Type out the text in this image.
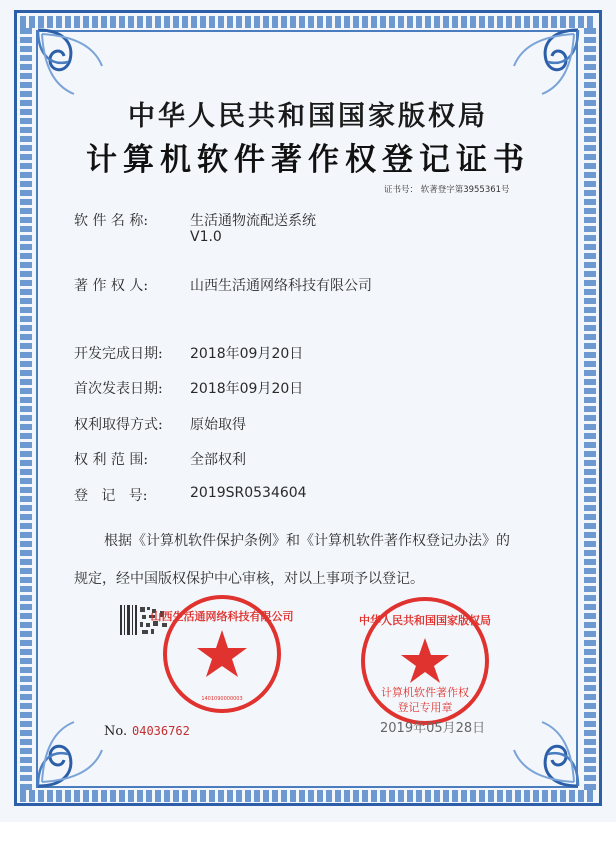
中华人民共和国国家版权局
计算机软件著作权登记证书
证书号： 软著登字第3955361号
软 件 名 称:	生活通物流配送系统
V1.0
著 作 权 人:	山西生活通网络科技有限公司
开发完成日期: 2018年09月20日
首次发表日期: 2018年09月20日
权利取得方式: 原始取得
权 利 范 围:	全部权利
登   记   号:	2019SR0534604
根据《计算机软件保护条例》和《计算机软件著作权登记办法》的
规定，经中国版权保护中心审核，对以上事项予以登记。
山西生活通网络科技有限公司
1401090000003
中华人民共和国国家版权局
计算机软件著作权
登记专用章
No. 04036762	2019年05月28日
